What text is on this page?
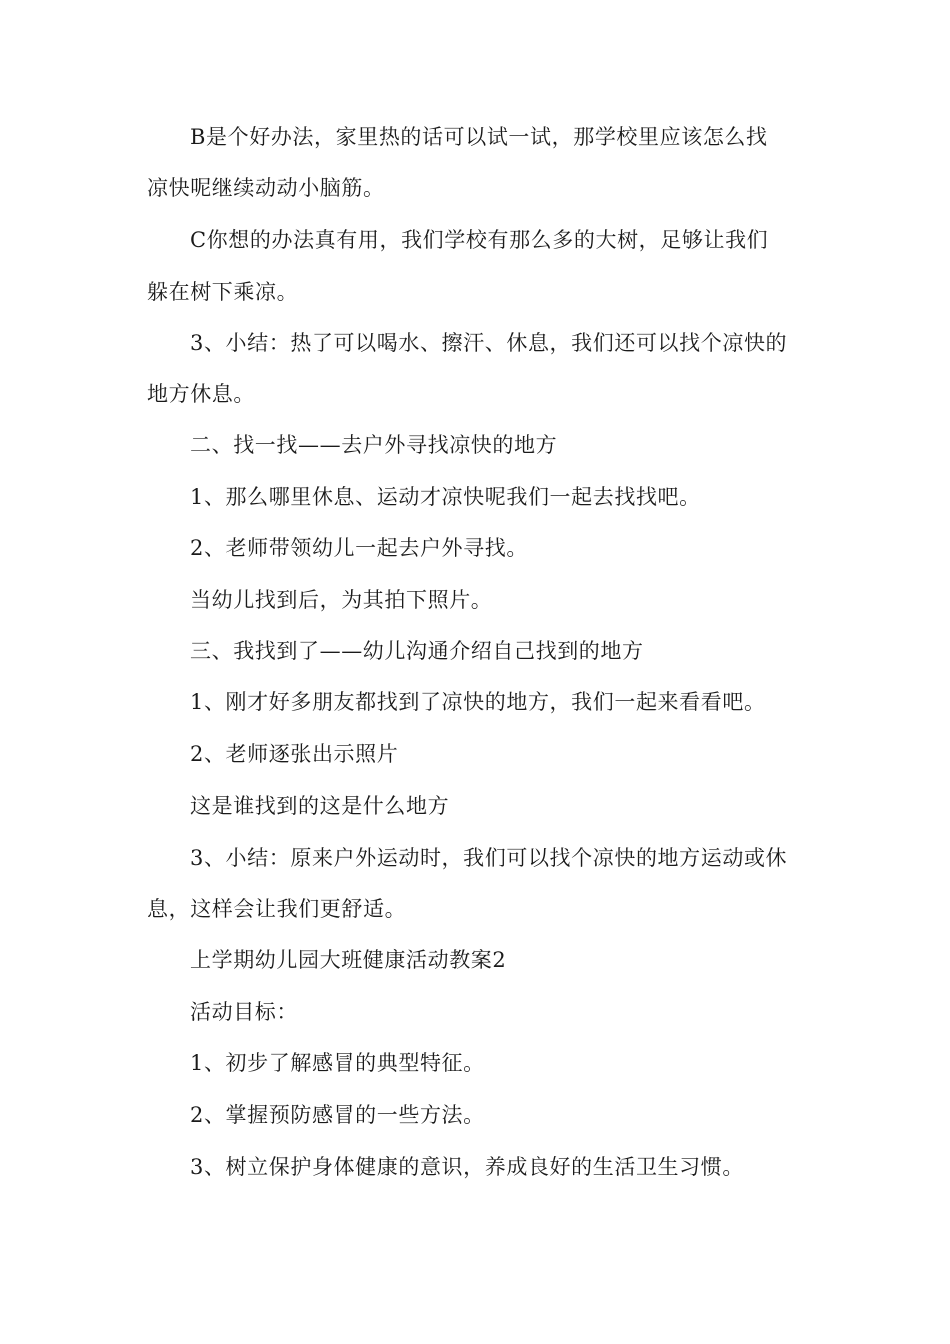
B是个好办法，家里热的话可以试一试，那学校里应该怎么找
凉快呢继续动动小脑筋。
C你想的办法真有用，我们学校有那么多的大树，足够让我们
躲在树下乘凉。
3、小结：热了可以喝水、擦汗、休息，我们还可以找个凉快的
地方休息。
二、找一找——去户外寻找凉快的地方
1、那么哪里休息、运动才凉快呢我们一起去找找吧。
2、老师带领幼儿一起去户外寻找。
当幼儿找到后，为其拍下照片。
三、我找到了——幼儿沟通介绍自己找到的地方
1、刚才好多朋友都找到了凉快的地方，我们一起来看看吧。
2、老师逐张出示照片
这是谁找到的这是什么地方
3、小结：原来户外运动时，我们可以找个凉快的地方运动或休
息，这样会让我们更舒适。
上学期幼儿园大班健康活动教案2
活动目标：
1、初步了解感冒的典型特征。
2、掌握预防感冒的一些方法。
3、树立保护身体健康的意识，养成良好的生活卫生习惯。
